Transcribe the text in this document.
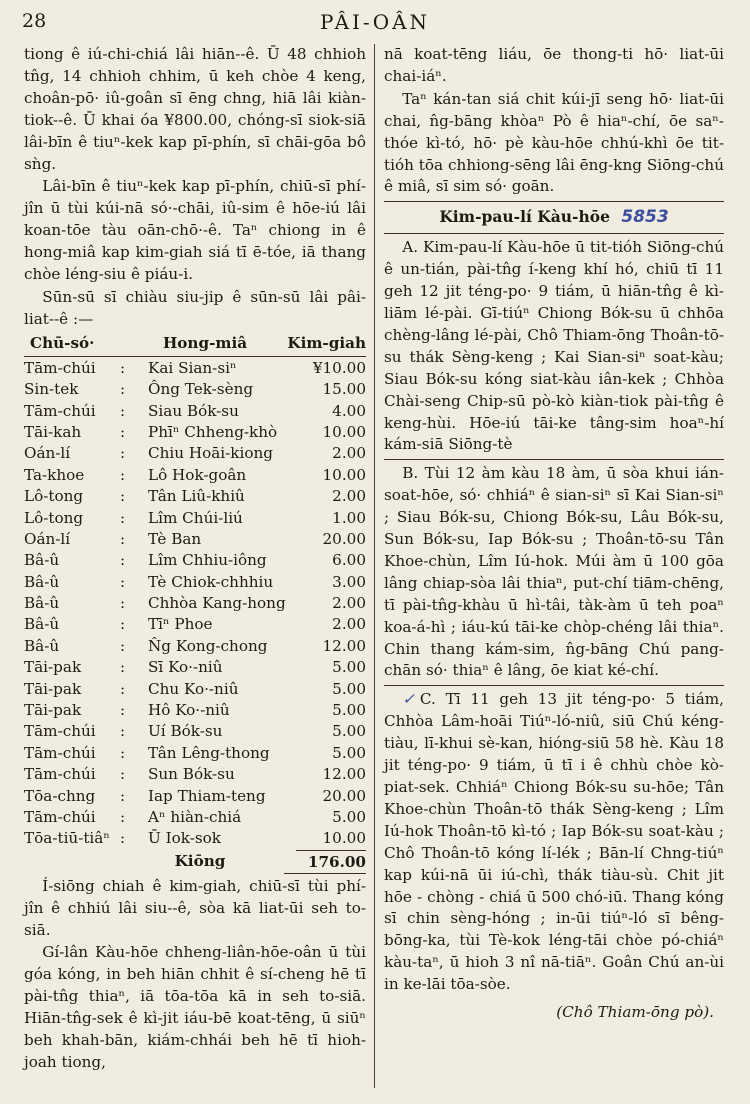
28	PÂI-OÂN

tiong ê iú-chi-chiá lâi hiān--ê. Ū 48 chhioh tn̂g, 14 chhioh chhim, ū keh chòe 4 keng, choân-pō· iû-goân sī ēng chng, hiā lâi kiàn-tiok--ê. Ū khai óa ¥800.00, chóng-sī siok-siā lâi-bīn ê tiuⁿ-kek kap pī-phín, sī chāi-gōa bô sǹg.

Lâi-bīn ê tiuⁿ-kek kap pī-phín, chiū-sī phí-jîn ū tùi kúi-nā só·-chāi, iû-sim ê hōe-iú lâi koan-tōe tàu oān-chō·-ê. Taⁿ chiong in ê hong-miâ kap kim-giah siá tī ē-tóe, iā thang chòe léng-siu ê piáu-i.

Sūn-sū sī chiàu siu-jip ê sūn-sū lâi pâi-liat--ê :—

Chū-só·	Hong-miâ	Kim-giah
Tām-chúi	:	Kai Sian-siⁿ	¥10.00
Sin-tek	:	Ông Tek-sèng	15.00
Tām-chúi	:	Siau Bók-su	4.00
Tāi-kah	:	Phīⁿ Chheng-khò	10.00
Oán-lí	:	Chiu Hoāi-kiong	2.00
Ta-khoe	:	Lô Hok-goân	10.00
Lô-tong	:	Tân Liû-khiû	2.00
Lô-tong	:	Lîm Chúi-liú	1.00
Oán-lí	:	Tè Ban	20.00
Bâ-û	:	Lîm Chhiu-iông	6.00
Bâ-û	:	Tè Chiok-chhhiu	3.00
Bâ-û	:	Chhòa Kang-hong	2.00
Bâ-û	:	Tīⁿ Phoe	2.00
Bâ-û	:	N̂g Kong-chong	12.00
Tāi-pak	:	Sī Ko·-niû	5.00
Tāi-pak	:	Chu Ko·-niû	5.00
Tāi-pak	:	Hô Ko·-niû	5.00
Tām-chúi	:	Uí Bók-su	5.00
Tām-chúi	:	Tân Lêng-thong	5.00
Tām-chúi	:	Sun Bók-su	12.00
Tōa-chng	:	Iap Thiam-teng	20.00
Tām-chúi	:	Aⁿ hiàn-chiá	5.00
Tōa-tiū-tiâⁿ :	Ū Iok-sok	10.00
Kiōng	176.00

Í-siōng chiah ê kim-giah, chiū-sī tùi phí-jîn ê chhiú lâi siu--ê, sòa kā liat-ūi seh to-siā.

Gí-lân Kàu-hōe chheng-liân-hōe-oân ū tùi góa kóng, in beh hiān chhit ê sí-cheng hē tī pài-tn̂g thiaⁿ, iā tōa-tōa kā in seh to-siā. Hiān-tn̂g-sek ê kì-jit iáu-bē koat-tēng, ū siūⁿ beh khah-bān, kiám-chhái beh hē tī hioh-joah tiong,

nā koat-tēng liáu, ōe thong-ti hō· liat-ūi chai-iáⁿ.

Taⁿ kán-tan siá chit kúi-jī seng hō· liat-ūi chai, n̂g-bāng khòaⁿ Pò ê hiaⁿ-chí, ōe saⁿ-thóe kì-tó, hō· pè kàu-hōe chhú-khì ōe tit-tióh tōa chhiong-sēng lâi ēng-kng Siōng-chú ê miâ, sī sim só· goān.

Kim-pau-lí Kàu-hōe 5853

A. Kim-pau-lí Kàu-hōe ū tit-tióh Siōng-chú ê un-tián, pài-tn̂g í-keng khí hó, chiū tī 11 geh 12 jit téng-po· 9 tiám, ū hiān-tn̂g ê kì-liām lé-pài. Gī-tiúⁿ Chiong Bók-su ū chhōa chèng-lâng lé-pài, Chô Thiam-ōng Thoân-tō-su thák Sèng-keng ; Kai Sian-siⁿ soat-kàu; Siau Bók-su kóng siat-kàu iân-kek ; Chhòa Chài-seng Chip-sū pò-kò kiàn-tiok pài-tn̂g ê keng-hùi. Hōe-iú tāi-ke tâng-sim hoaⁿ-hí kám-siā Siōng-tè

B. Tùi 12 àm kàu 18 àm, ū sòa khui ián-soat-hōe, só· chhiáⁿ ê sian-siⁿ sī Kai Sian-siⁿ ; Siau Bók-su, Chiong Bók-su, Lâu Bók-su, Sun Bók-su, Iap Bók-su ; Thoân-tō-su Tân Khoe-chùn, Lîm Iú-hok. Múi àm ū 100 gōa lâng chiap-sòa lâi thiaⁿ, put-chí tiām-chēng, tī pài-tn̂g-khàu ū hì-tâi, tàk-àm ū teh poaⁿ koa-á-hì ; iáu-kú tāi-ke chòp-chéng lâi thiaⁿ. Chin thang kám-sim, n̂g-bāng Chú pang-chān só· thiaⁿ ê lâng, ōe kiat ké-chí.

✓C. Tī 11 geh 13 jit téng-po· 5 tiám, Chhòa Lâm-hoāi Tiúⁿ-ló-niû, siū Chú kéng-tiàu, lī-khui sè-kan, hióng-siū 58 hè. Kàu 18 jit téng-po· 9 tiám, ū tī i ê chhù chòe kò-piat-sek. Chhiáⁿ Chiong Bók-su su-hōe; Tân Khoe-chùn Thoân-tō thák Sèng-keng ; Lîm Iú-hok Thoân-tō kì-tó ; Iap Bók-su soat-kàu ; Chô Thoân-tō kóng lí-lék ; Bān-lí Chng-tiúⁿ kap kúi-nā ūi iú-chì, thák tiàu-sù. Chit jit hōe - chòng - chiá ū 500 chó-iū. Thang kóng sī chin sèng-hóng ; in-ūi tiúⁿ-ló sī bêng-bōng-ka, tùi Tè-kok léng-tāi chòe pó-chiáⁿ kàu-taⁿ, ū hioh 3 nî nā-tiāⁿ. Goân Chú an-ùi in ke-lāi tōa-sòe.

(Chô Thiam-ōng pò).
